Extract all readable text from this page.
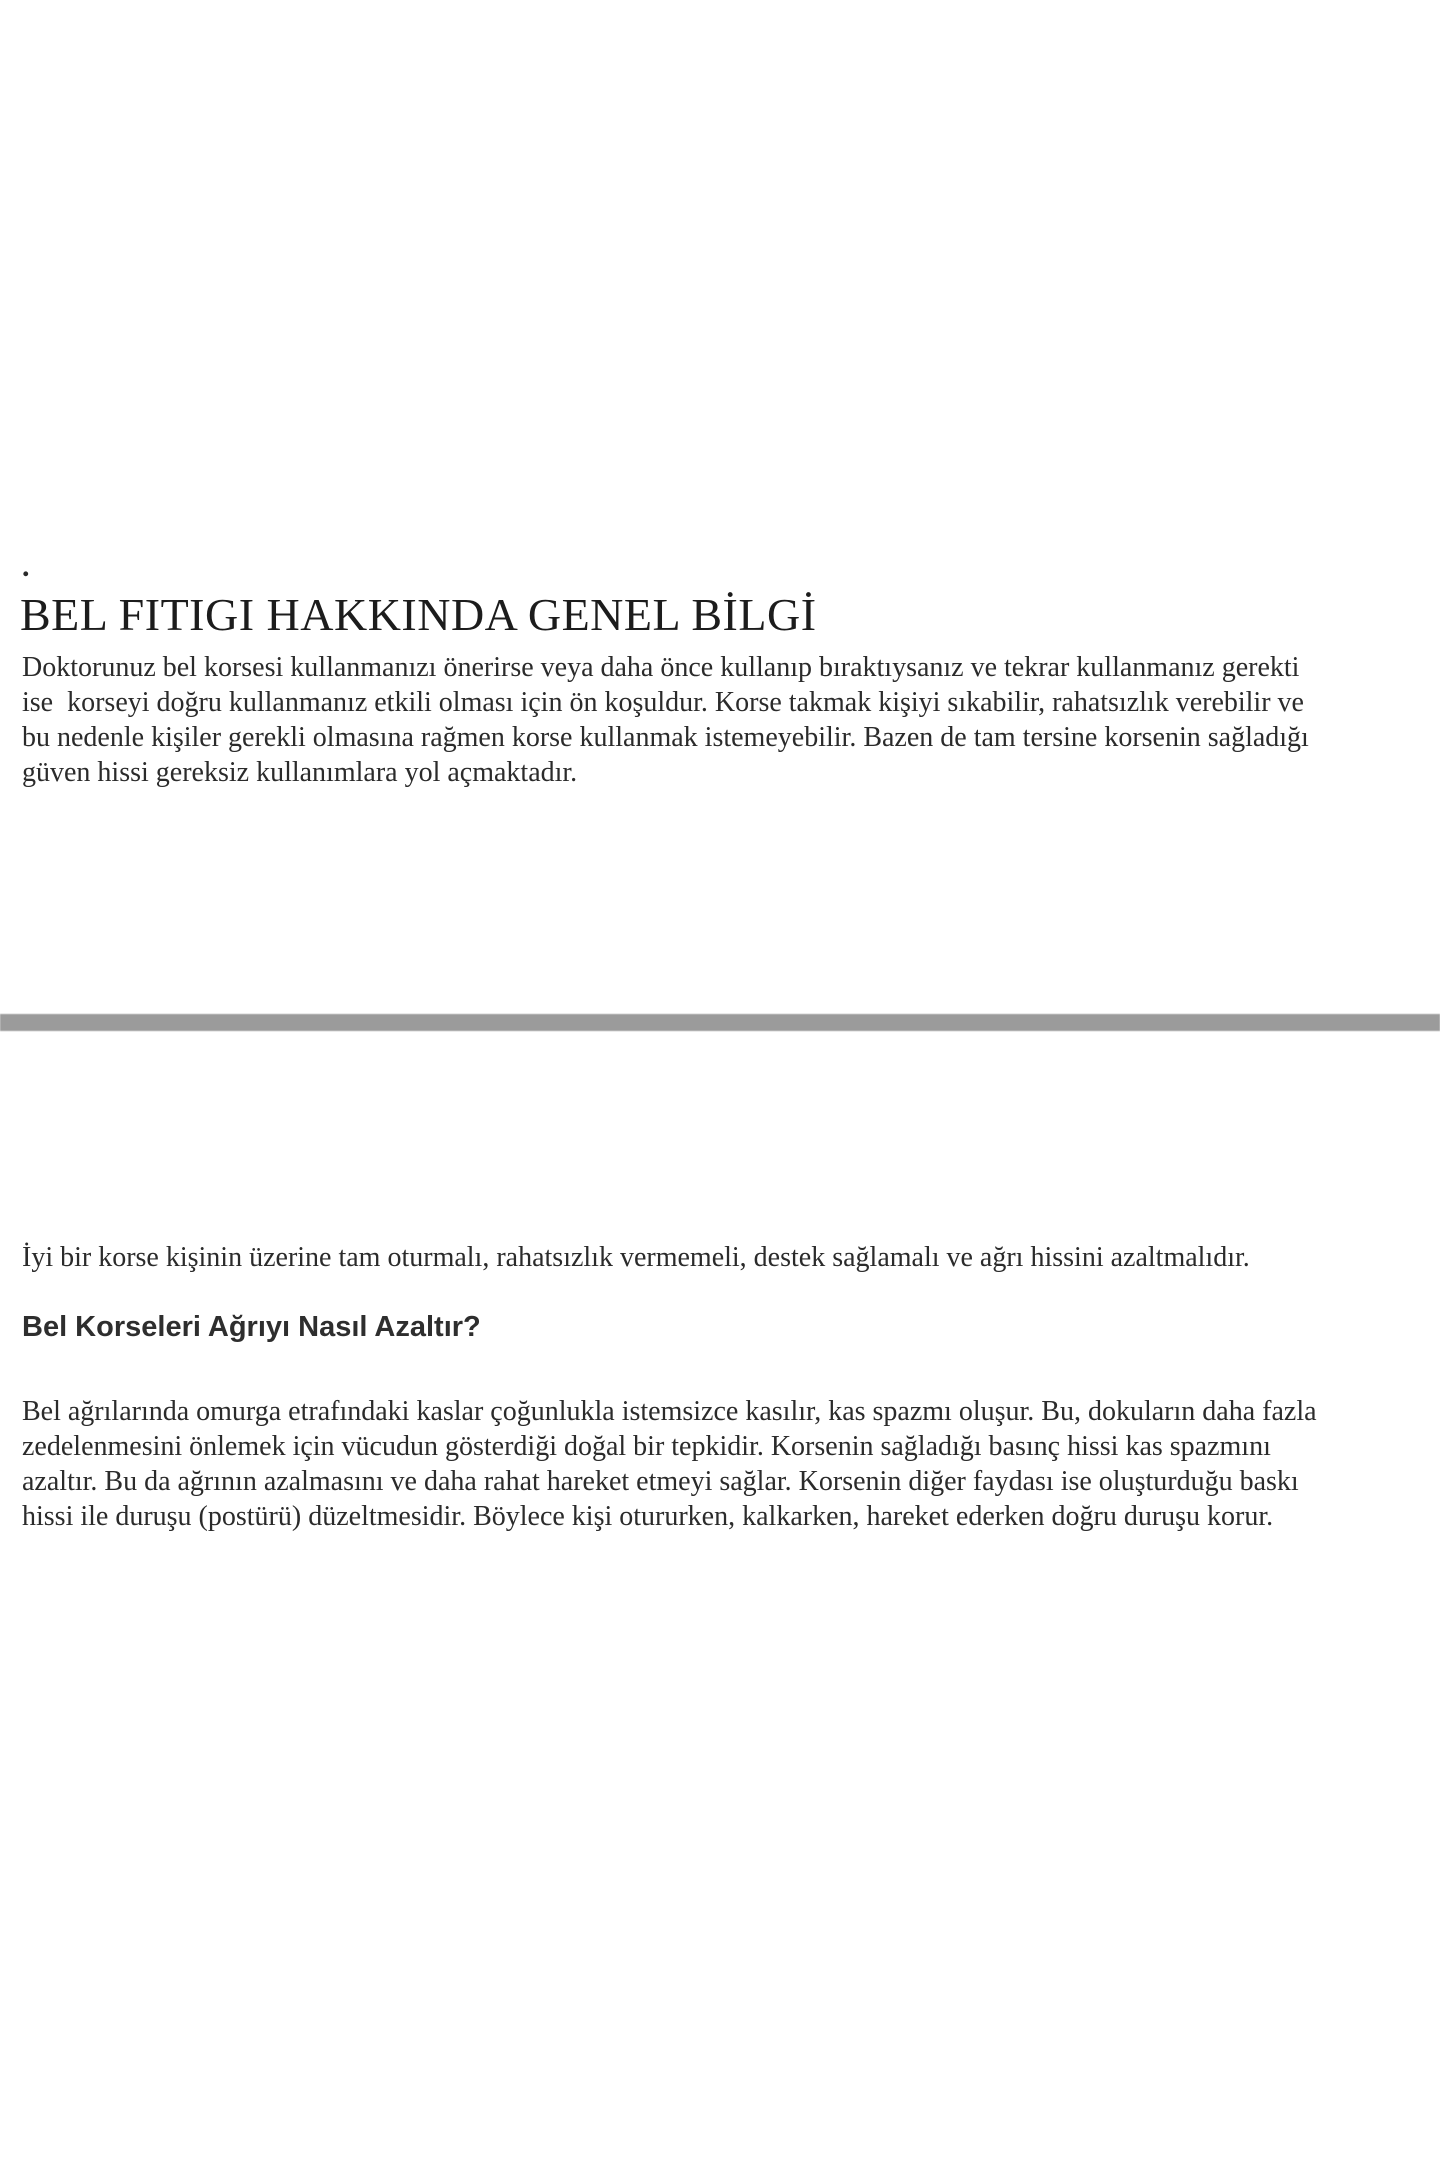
.
BEL FITIGI HAKKINDA GENEL BİLGİ

Doktorunuz bel korsesi kullanmanızı önerirse veya daha önce kullanıp bıraktıysanız ve tekrar kullanmanız gerekti ise  korseyi doğru kullanmanız etkili olması için ön koşuldur. Korse takmak kişiyi sıkabilir, rahatsızlık verebilir ve bu nedenle kişiler gerekli olmasına rağmen korse kullanmak istemeyebilir. Bazen de tam tersine korsenin sağladığı güven hissi gereksiz kullanımlara yol açmaktadır.

İyi bir korse kişinin üzerine tam oturmalı, rahatsızlık vermemeli, destek sağlamalı ve ağrı hissini azaltmalıdır.

Bel Korseleri Ağrıyı Nasıl Azaltır?

Bel ağrılarında omurga etrafındaki kaslar çoğunlukla istemsizce kasılır, kas spazmı oluşur. Bu, dokuların daha fazla zedelenmesini önlemek için vücudun gösterdiği doğal bir tepkidir. Korsenin sağladığı basınç hissi kas spazmını azaltır. Bu da ağrının azalmasını ve daha rahat hareket etmeyi sağlar. Korsenin diğer faydası ise oluşturduğu baskı hissi ile duruşu (postürü) düzeltmesidir. Böylece kişi otururken, kalkarken, hareket ederken doğru duruşu korur.
